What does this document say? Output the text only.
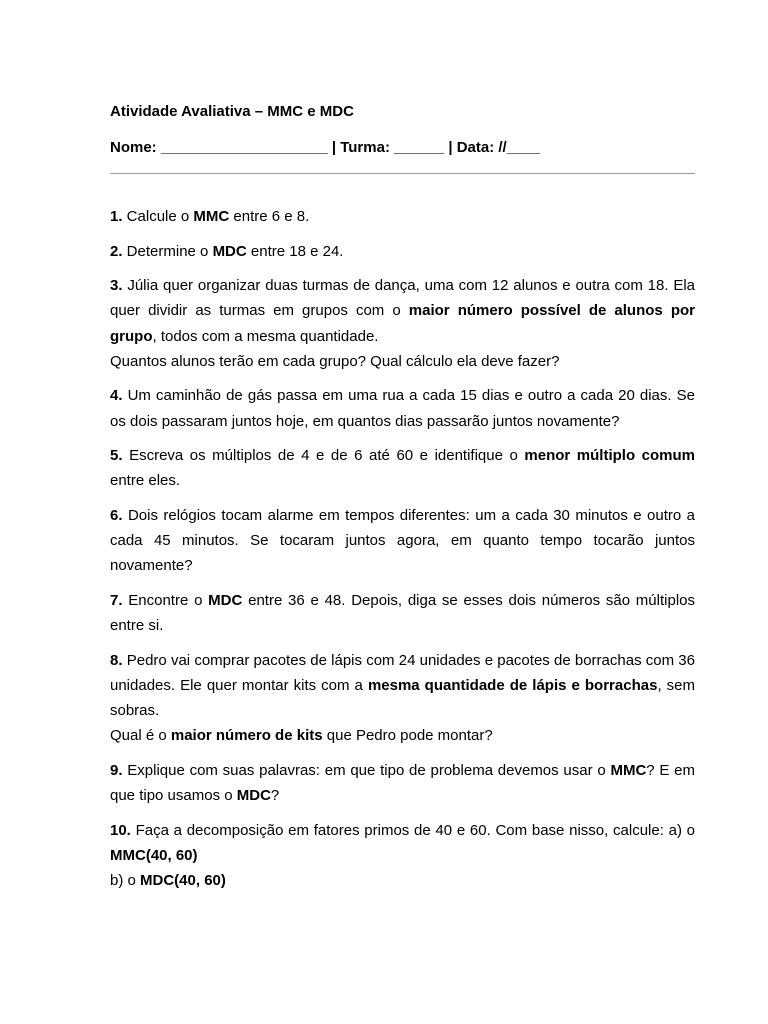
Atividade Avaliativa – MMC e MDC

Nome: ____________________ | Turma: ______ | Data: //____

1. Calcule o MMC entre 6 e 8.

2. Determine o MDC entre 18 e 24.

3. Júlia quer organizar duas turmas de dança, uma com 12 alunos e outra com 18. Ela quer dividir as turmas em grupos com o maior número possível de alunos por grupo, todos com a mesma quantidade.
Quantos alunos terão em cada grupo? Qual cálculo ela deve fazer?

4. Um caminhão de gás passa em uma rua a cada 15 dias e outro a cada 20 dias. Se os dois passaram juntos hoje, em quantos dias passarão juntos novamente?

5. Escreva os múltiplos de 4 e de 6 até 60 e identifique o menor múltiplo comum entre eles.

6. Dois relógios tocam alarme em tempos diferentes: um a cada 30 minutos e outro a cada 45 minutos. Se tocaram juntos agora, em quanto tempo tocarão juntos novamente?

7. Encontre o MDC entre 36 e 48. Depois, diga se esses dois números são múltiplos entre si.

8. Pedro vai comprar pacotes de lápis com 24 unidades e pacotes de borrachas com 36 unidades. Ele quer montar kits com a mesma quantidade de lápis e borrachas, sem sobras.
Qual é o maior número de kits que Pedro pode montar?

9. Explique com suas palavras: em que tipo de problema devemos usar o MMC? E em que tipo usamos o MDC?

10. Faça a decomposição em fatores primos de 40 e 60. Com base nisso, calcule: a) o MMC(40, 60)
b) o MDC(40, 60)
